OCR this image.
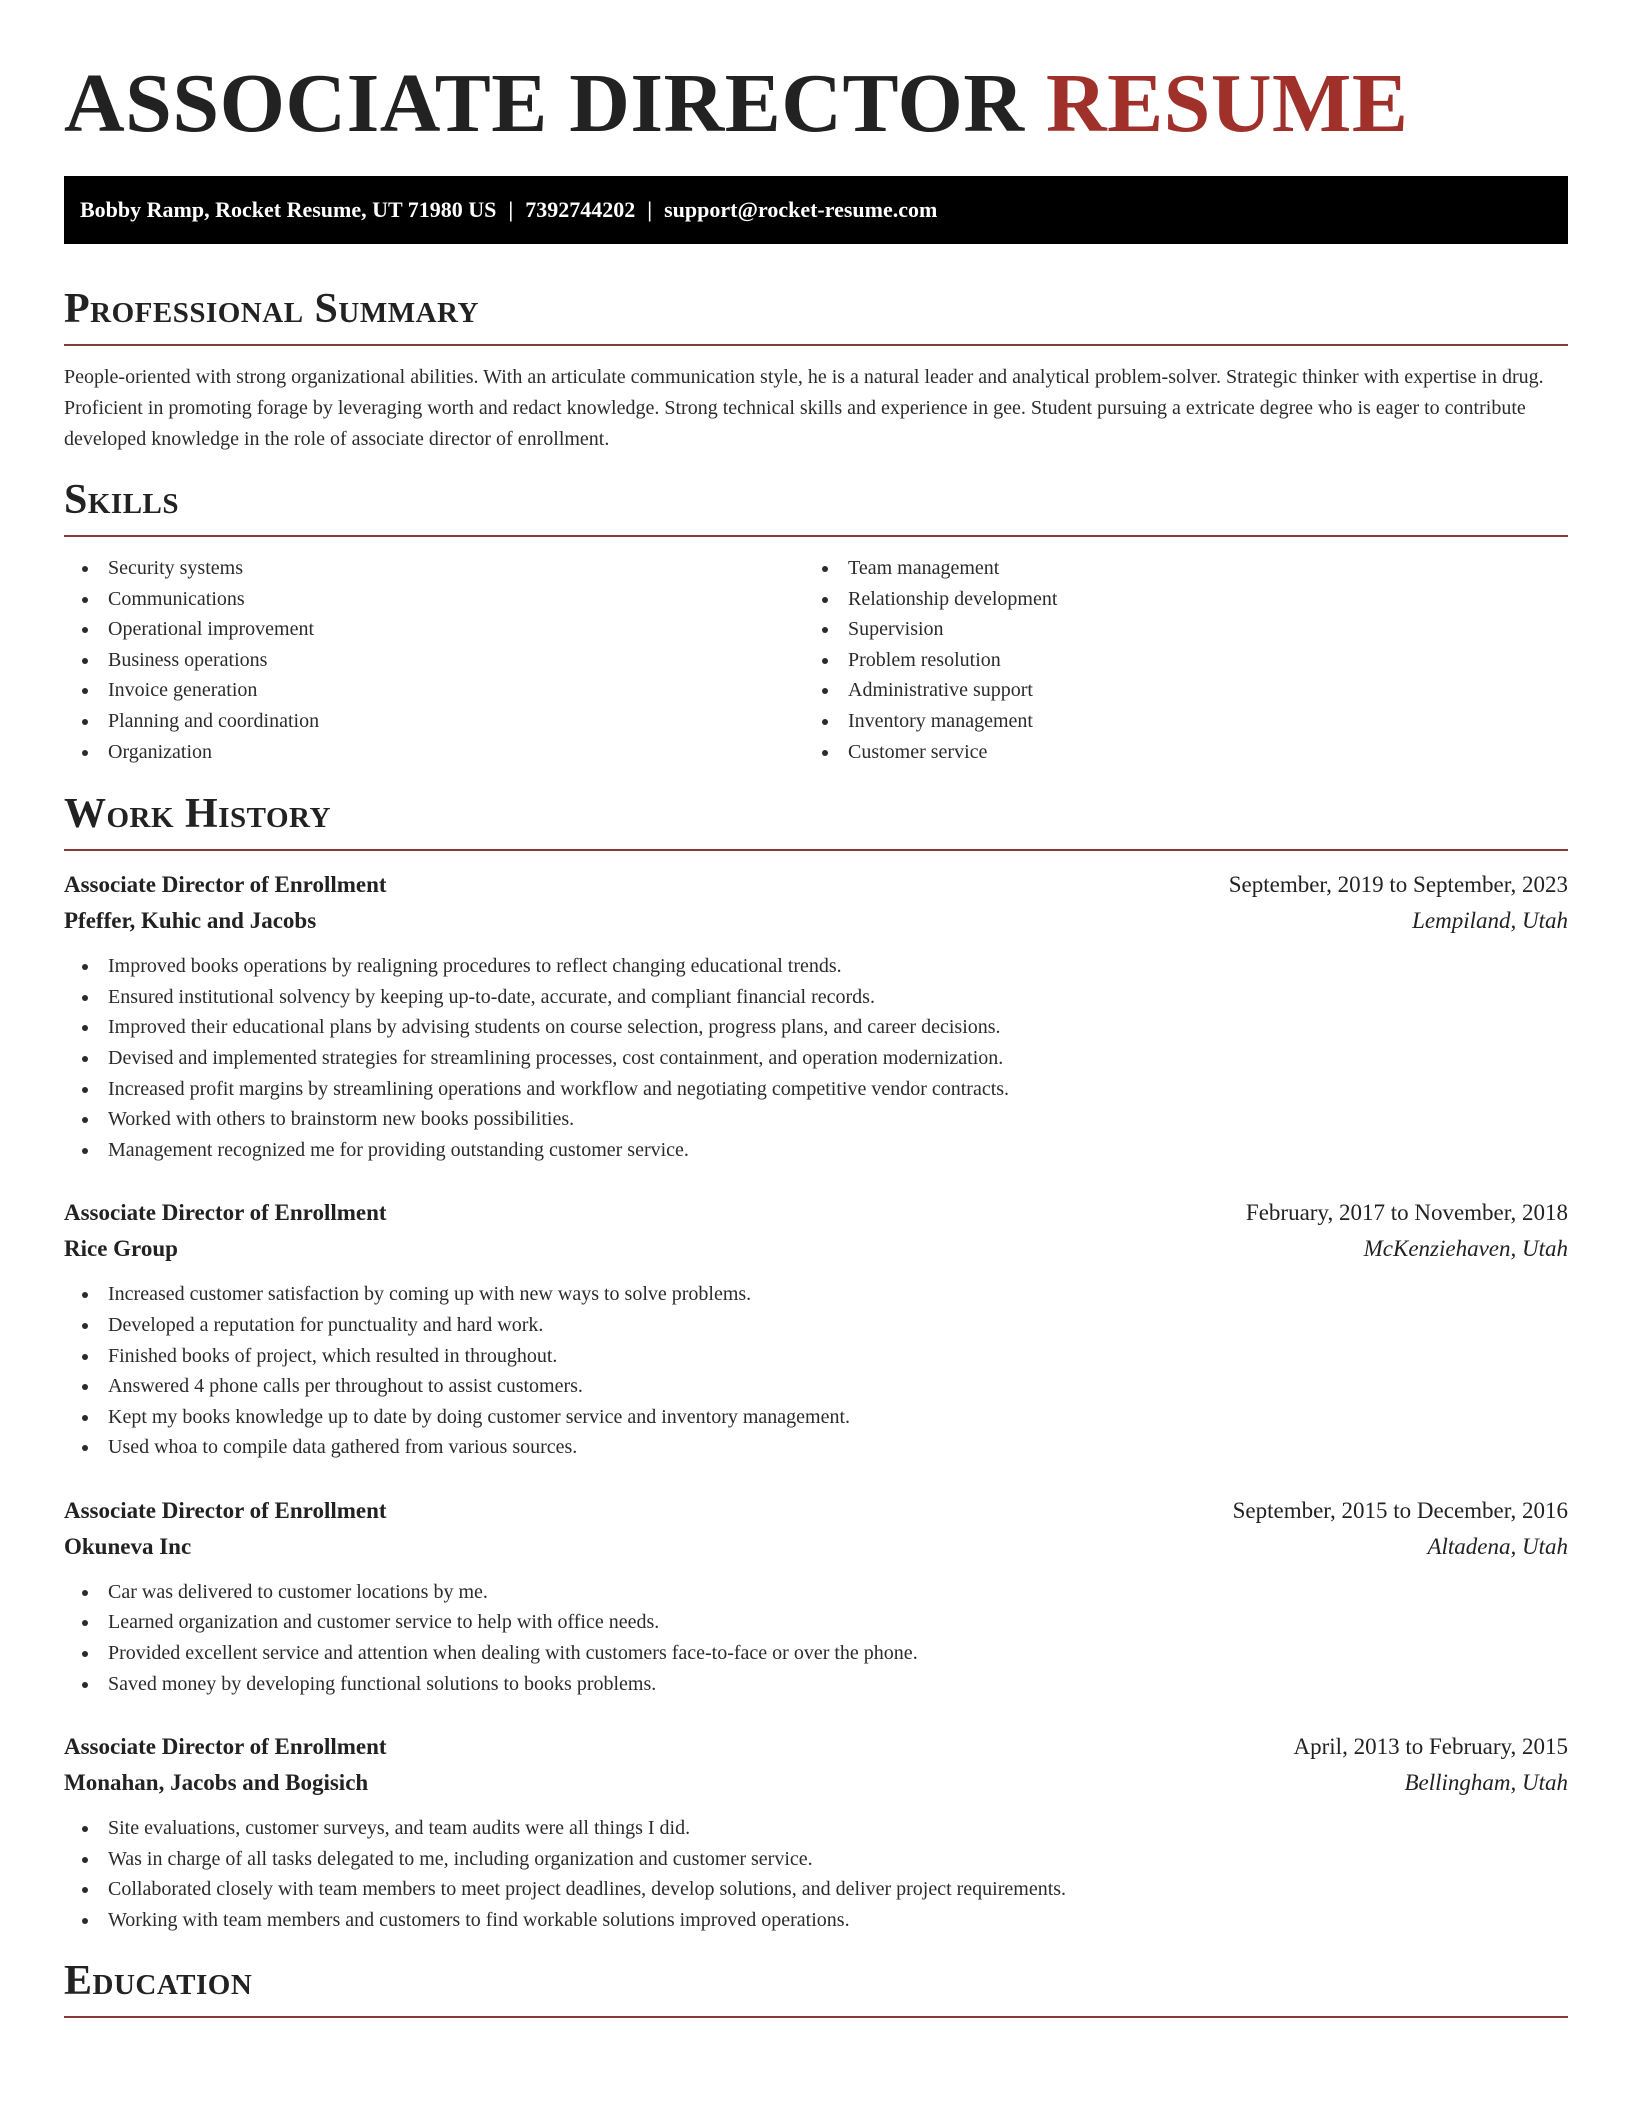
ASSOCIATE DIRECTOR RESUME
Bobby Ramp, Rocket Resume, UT 71980 US | 7392744202 | support@rocket-resume.com
Professional Summary

People-oriented with strong organizational abilities. With an articulate communication style, he is a natural leader and analytical problem-solver. Strategic thinker with expertise in drug. Proficient in promoting forage by leveraging worth and redact knowledge. Strong technical skills and experience in gee. Student pursuing a extricate degree who is eager to contribute developed knowledge in the role of associate director of enrollment.

Skills
Security systems
Communications
Operational improvement
Business operations
Invoice generation
Planning and coordination
Organization
Team management
Relationship development
Supervision
Problem resolution
Administrative support
Inventory management
Customer service
Work History
Associate Director of Enrollment	September, 2019 to September, 2023
Pfeffer, Kuhic and Jacobs	Lempiland, Utah
Improved books operations by realigning procedures to reflect changing educational trends.
Ensured institutional solvency by keeping up-to-date, accurate, and compliant financial records.
Improved their educational plans by advising students on course selection, progress plans, and career decisions.
Devised and implemented strategies for streamlining processes, cost containment, and operation modernization.
Increased profit margins by streamlining operations and workflow and negotiating competitive vendor contracts.
Worked with others to brainstorm new books possibilities.
Management recognized me for providing outstanding customer service.
Associate Director of Enrollment	February, 2017 to November, 2018
Rice Group	McKenziehaven, Utah
Increased customer satisfaction by coming up with new ways to solve problems.
Developed a reputation for punctuality and hard work.
Finished books of project, which resulted in throughout.
Answered 4 phone calls per throughout to assist customers.
Kept my books knowledge up to date by doing customer service and inventory management.
Used whoa to compile data gathered from various sources.
Associate Director of Enrollment	September, 2015 to December, 2016
Okuneva Inc	Altadena, Utah
Car was delivered to customer locations by me.
Learned organization and customer service to help with office needs.
Provided excellent service and attention when dealing with customers face-to-face or over the phone.
Saved money by developing functional solutions to books problems.
Associate Director of Enrollment	April, 2013 to February, 2015
Monahan, Jacobs and Bogisich	Bellingham, Utah
Site evaluations, customer surveys, and team audits were all things I did.
Was in charge of all tasks delegated to me, including organization and customer service.
Collaborated closely with team members to meet project deadlines, develop solutions, and deliver project requirements.
Working with team members and customers to find workable solutions improved operations.
Education
